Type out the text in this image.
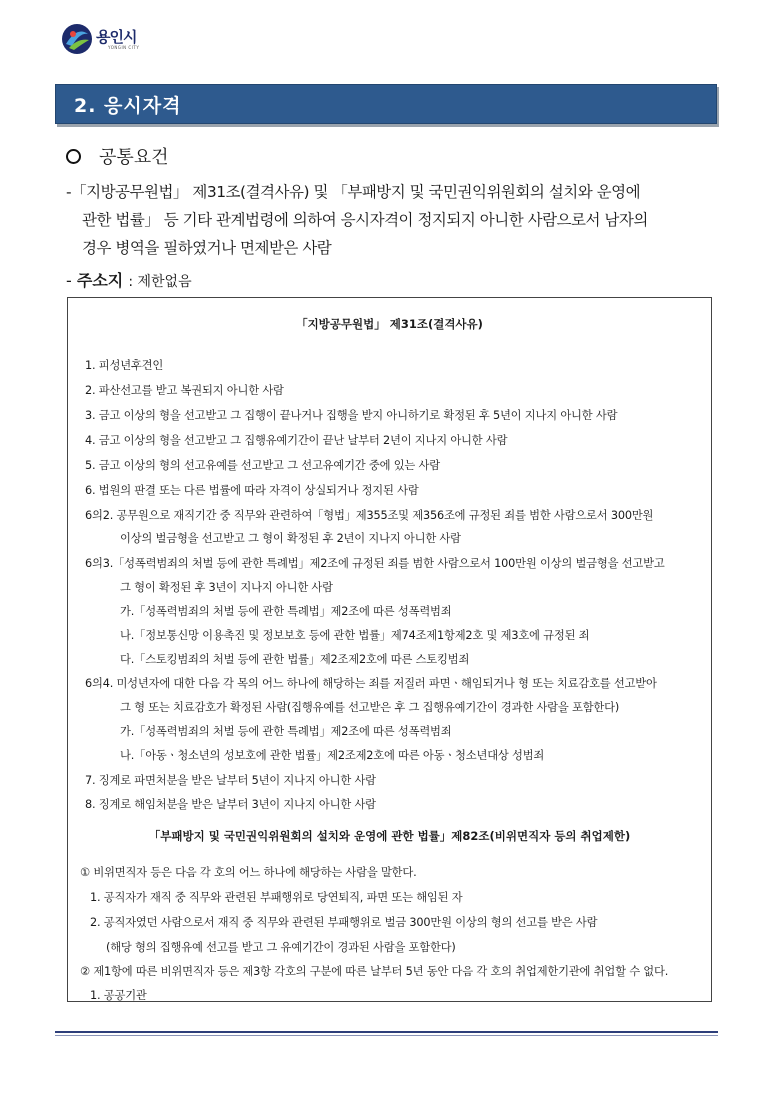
용인시
YONGIN CITY
2. 응시자격
공통요건
-「지방공무원법」 제31조(결격사유) 및 「부패방지 및 국민권익위원회의 설치와 운영에
관한 법률」 등 기타 관계법령에 의하여 응시자격이 정지되지 아니한 사람으로서 남자의
경우 병역을 필하였거나 면제받은 사람
- 주소지 : 제한없음
「지방공무원법」 제31조(결격사유)
1. 피성년후견인
2. 파산선고를 받고 복권되지 아니한 사람
3. 금고 이상의 형을 선고받고 그 집행이 끝나거나 집행을 받지 아니하기로 확정된 후 5년이 지나지 아니한 사람
4. 금고 이상의 형을 선고받고 그 집행유예기간이 끝난 날부터 2년이 지나지 아니한 사람
5. 금고 이상의 형의 선고유예를 선고받고 그 선고유예기간 중에 있는 사람
6. 법원의 판결 또는 다른 법률에 따라 자격이 상실되거나 정지된 사람
6의2. 공무원으로 재직기간 중 직무와 관련하여「형법」제355조및 제356조에 규정된 죄를 범한 사람으로서 300만원
이상의 벌금형을 선고받고 그 형이 확정된 후 2년이 지나지 아니한 사람
6의3.「성폭력범죄의 처벌 등에 관한 특례법」제2조에 규정된 죄를 범한 사람으로서 100만원 이상의 벌금형을 선고받고
그 형이 확정된 후 3년이 지나지 아니한 사람
가.「성폭력범죄의 처벌 등에 관한 특례법」제2조에 따른 성폭력범죄
나.「정보통신망 이용촉진 및 정보보호 등에 관한 법률」제74조제1항제2호 및 제3호에 규정된 죄
다.「스토킹범죄의 처벌 등에 관한 법률」제2조제2호에 따른 스토킹범죄
6의4. 미성년자에 대한 다음 각 목의 어느 하나에 해당하는 죄를 저질러 파면ㆍ해임되거나 형 또는 치료감호를 선고받아
그 형 또는 치료감호가 확정된 사람(집행유예를 선고받은 후 그 집행유예기간이 경과한 사람을 포함한다)
가.「성폭력범죄의 처벌 등에 관한 특례법」제2조에 따른 성폭력범죄
나.「아동ㆍ청소년의 성보호에 관한 법률」제2조제2호에 따른 아동ㆍ청소년대상 성범죄
7. 징계로 파면처분을 받은 날부터 5년이 지나지 아니한 사람
8. 징계로 해임처분을 받은 날부터 3년이 지나지 아니한 사람
「부패방지 및 국민권익위원회의 설치와 운영에 관한 법률」제82조(비위면직자 등의 취업제한)
① 비위면직자 등은 다음 각 호의 어느 하나에 해당하는 사람을 말한다.
1. 공직자가 재직 중 직무와 관련된 부패행위로 당연퇴직, 파면 또는 해임된 자
2. 공직자였던 사람으로서 재직 중 직무와 관련된 부패행위로 벌금 300만원 이상의 형의 선고를 받은 사람
(해당 형의 집행유예 선고를 받고 그 유예기간이 경과된 사람을 포함한다)
② 제1항에 따른 비위면직자 등은 제3항 각호의 구분에 따른 날부터 5년 동안 다음 각 호의 취업제한기관에 취업할 수 없다.
1. 공공기관
